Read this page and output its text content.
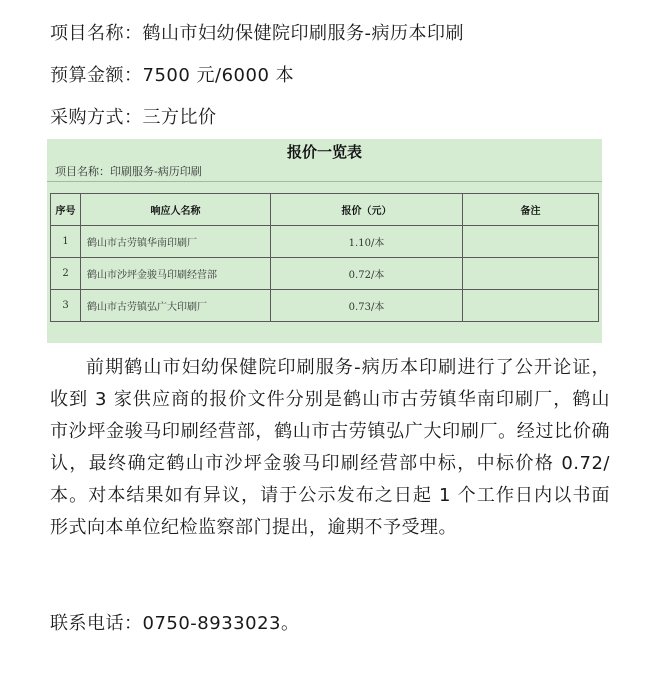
项目名称：鹤山市妇幼保健院印刷服务-病历本印刷
预算金额：7500 元/6000 本
采购方式：三方比价
报价一览表
项目名称：印刷服务-病历印刷
序号	响应人名称	报价（元）	备注
1	鹤山市古劳镇华南印刷厂	1.10/本	
2	鹤山市沙坪金骏马印刷经营部	0.72/本	
3	鹤山市古劳镇弘广大印刷厂	0.73/本	
前期鹤山市妇幼保健院印刷服务-病历本印刷进行了公开论证，收到 3 家供应商的报价文件分别是鹤山市古劳镇华南印刷厂，鹤山市沙坪金骏马印刷经营部，鹤山市古劳镇弘广大印刷厂。经过比价确认，最终确定鹤山市沙坪金骏马印刷经营部中标，中标价格 0.72/本。对本结果如有异议，请于公示发布之日起 1 个工作日内以书面形式向本单位纪检监察部门提出，逾期不予受理。
联系电话：0750-8933023。
